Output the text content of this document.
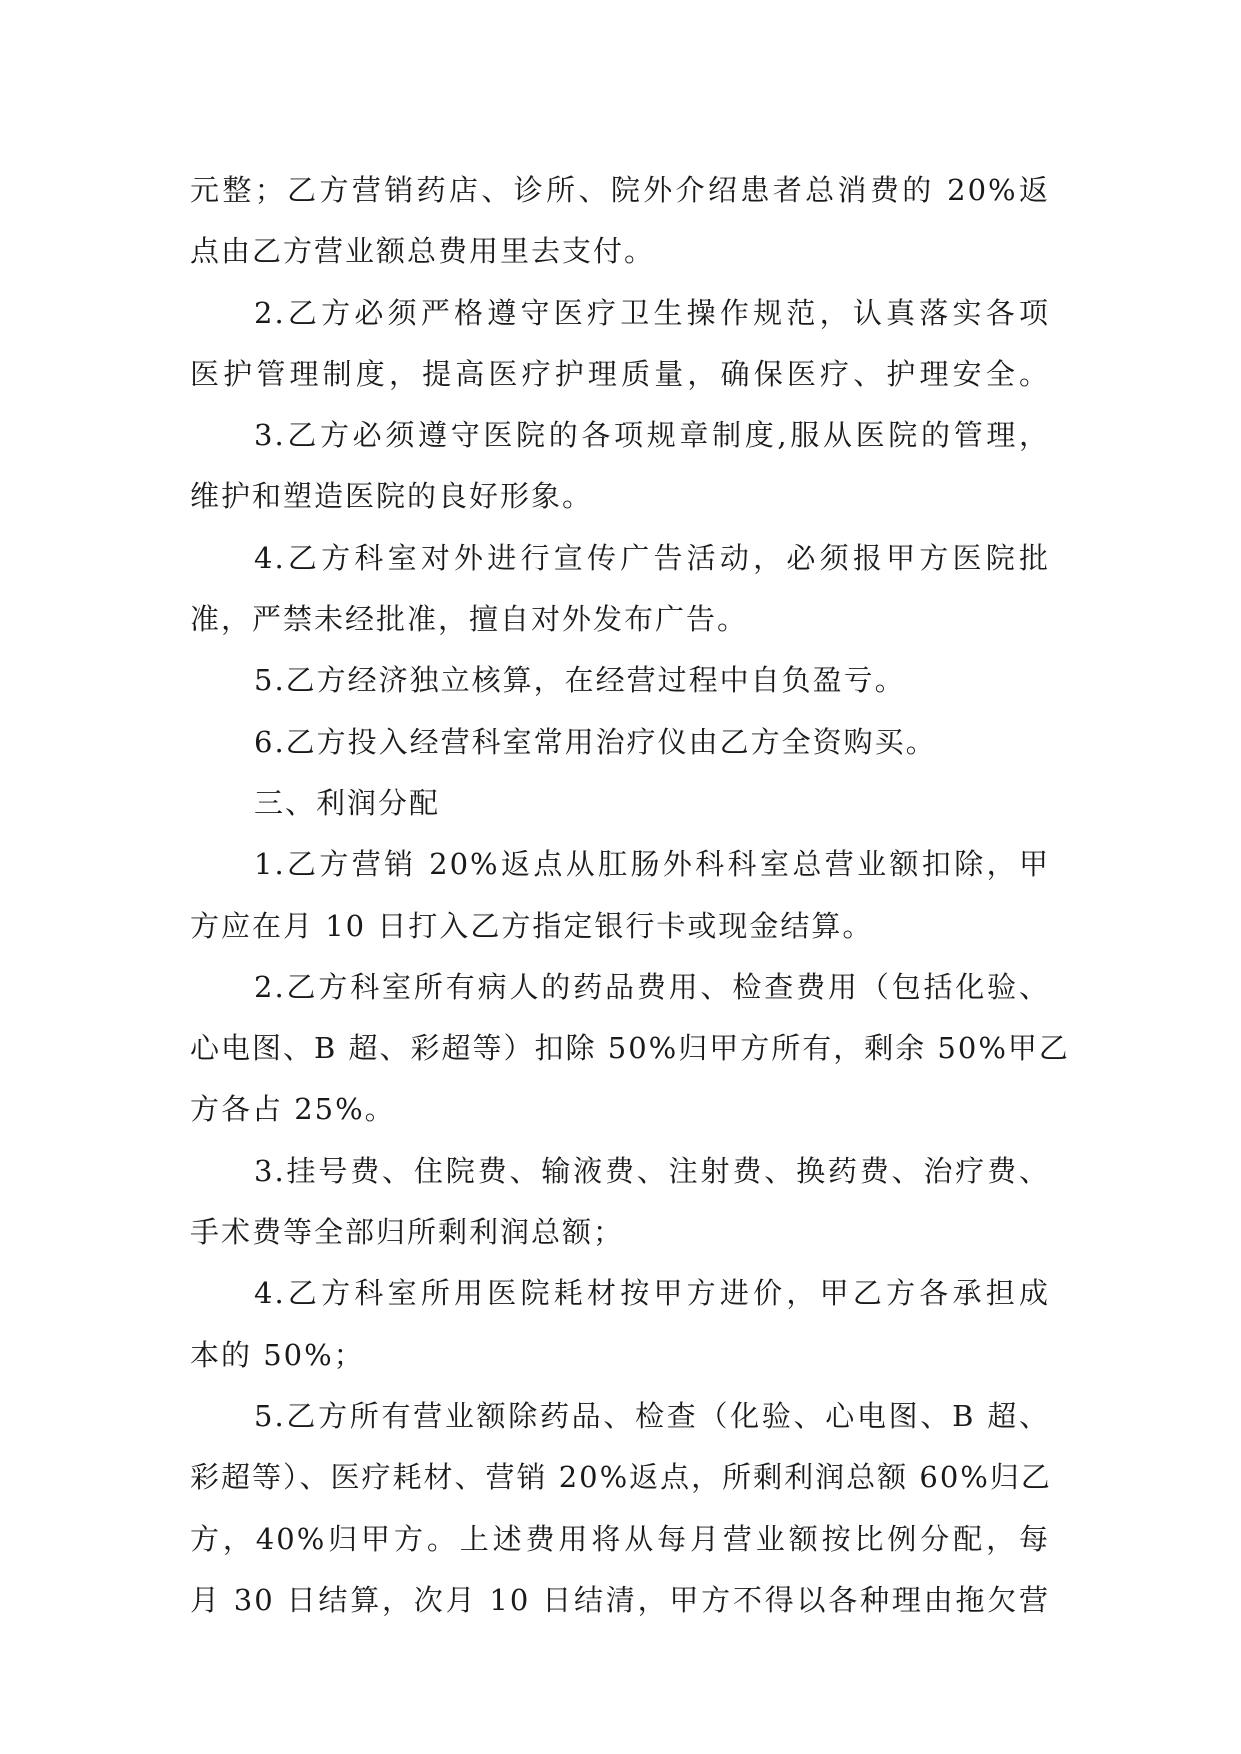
元整；乙方营销药店、诊所、院外介绍患者总消费的 20%返
点由乙方营业额总费用里去支付。
2.乙方必须严格遵守医疗卫生操作规范，认真落实各项
医护管理制度，提高医疗护理质量，确保医疗、护理安全。
3.乙方必须遵守医院的各项规章制度,服从医院的管理，
维护和塑造医院的良好形象。
4.乙方科室对外进行宣传广告活动，必须报甲方医院批
准，严禁未经批准，擅自对外发布广告。
5.乙方经济独立核算，在经营过程中自负盈亏。
6.乙方投入经营科室常用治疗仪由乙方全资购买。
三、利润分配
1.乙方营销 20%返点从肛肠外科科室总营业额扣除，甲
方应在月 10 日打入乙方指定银行卡或现金结算。
2.乙方科室所有病人的药品费用、检查费用（包括化验、
心电图、B 超、彩超等）扣除 50%归甲方所有，剩余 50%甲乙
方各占 25%。
3.挂号费、住院费、输液费、注射费、换药费、治疗费、
手术费等全部归所剩利润总额；
4.乙方科室所用医院耗材按甲方进价，甲乙方各承担成
本的 50%；
5.乙方所有营业额除药品、检查（化验、心电图、B 超、
彩超等）、医疗耗材、营销 20%返点，所剩利润总额 60%归乙
方，40%归甲方。上述费用将从每月营业额按比例分配，每
月 30 日结算，次月 10 日结清，甲方不得以各种理由拖欠营
